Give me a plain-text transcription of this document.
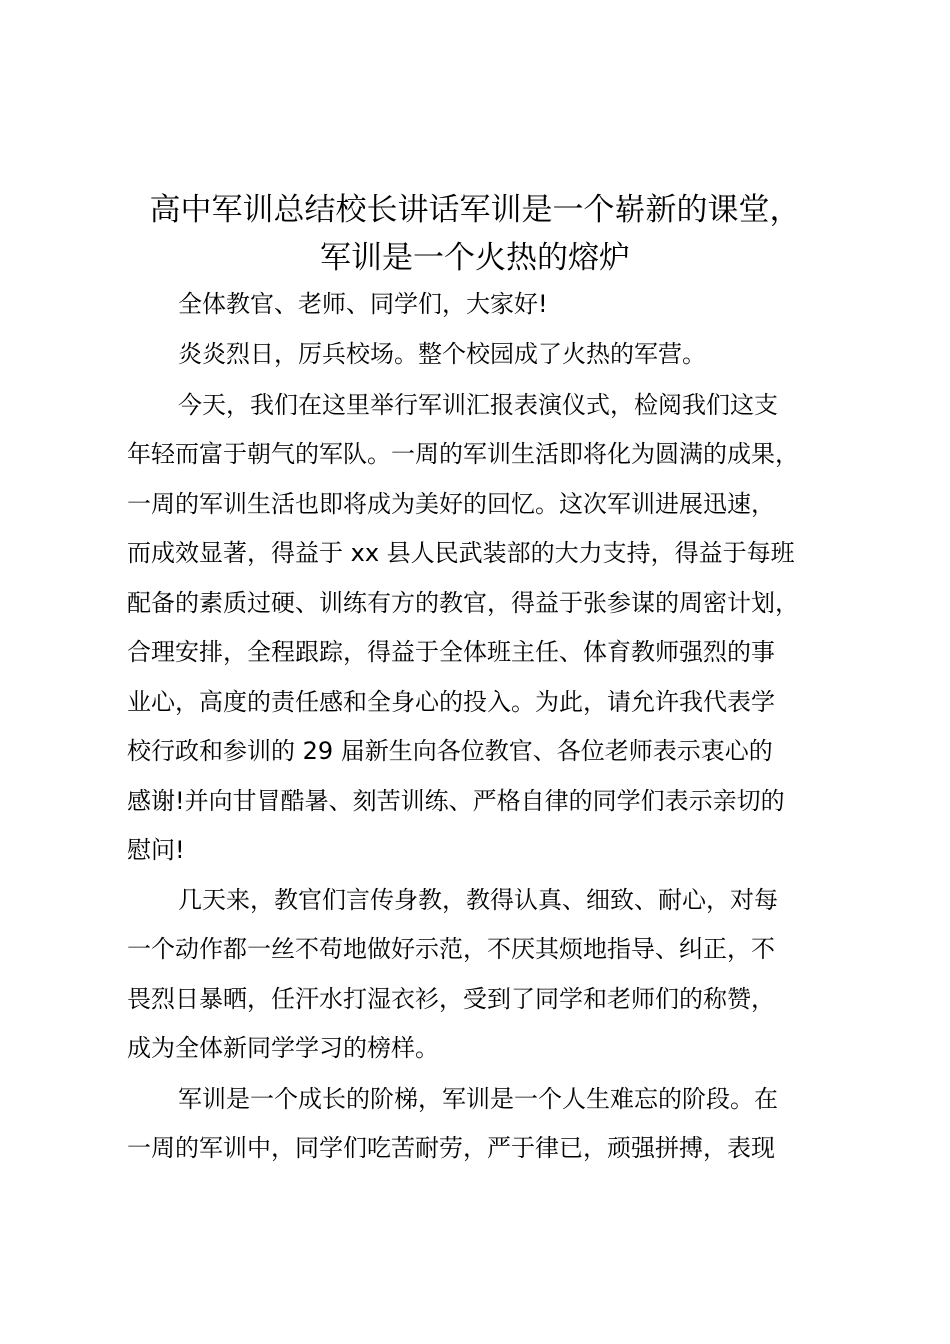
高中军训总结校长讲话军训是一个崭新的课堂，
军训是一个火热的熔炉
全体教官、老师、同学们，大家好!
炎炎烈日，厉兵校场。整个校园成了火热的军营。
今天，我们在这里举行军训汇报表演仪式，检阅我们这支
年轻而富于朝气的军队。一周的军训生活即将化为圆满的成果，
一周的军训生活也即将成为美好的回忆。这次军训进展迅速，
而成效显著，得益于 xx 县人民武装部的大力支持，得益于每班
配备的素质过硬、训练有方的教官，得益于张参谋的周密计划，
合理安排，全程跟踪，得益于全体班主任、体育教师强烈的事
业心，高度的责任感和全身心的投入。为此，请允许我代表学
校行政和参训的 29 届新生向各位教官、各位老师表示衷心的
感谢!并向甘冒酷暑、刻苦训练、严格自律的同学们表示亲切的
慰问!
几天来，教官们言传身教，教得认真、细致、耐心，对每
一个动作都一丝不苟地做好示范，不厌其烦地指导、纠正，不
畏烈日暴晒，任汗水打湿衣衫，受到了同学和老师们的称赞，
成为全体新同学学习的榜样。
军训是一个成长的阶梯，军训是一个人生难忘的阶段。在
一周的军训中，同学们吃苦耐劳，严于律已，顽强拼搏，表现
